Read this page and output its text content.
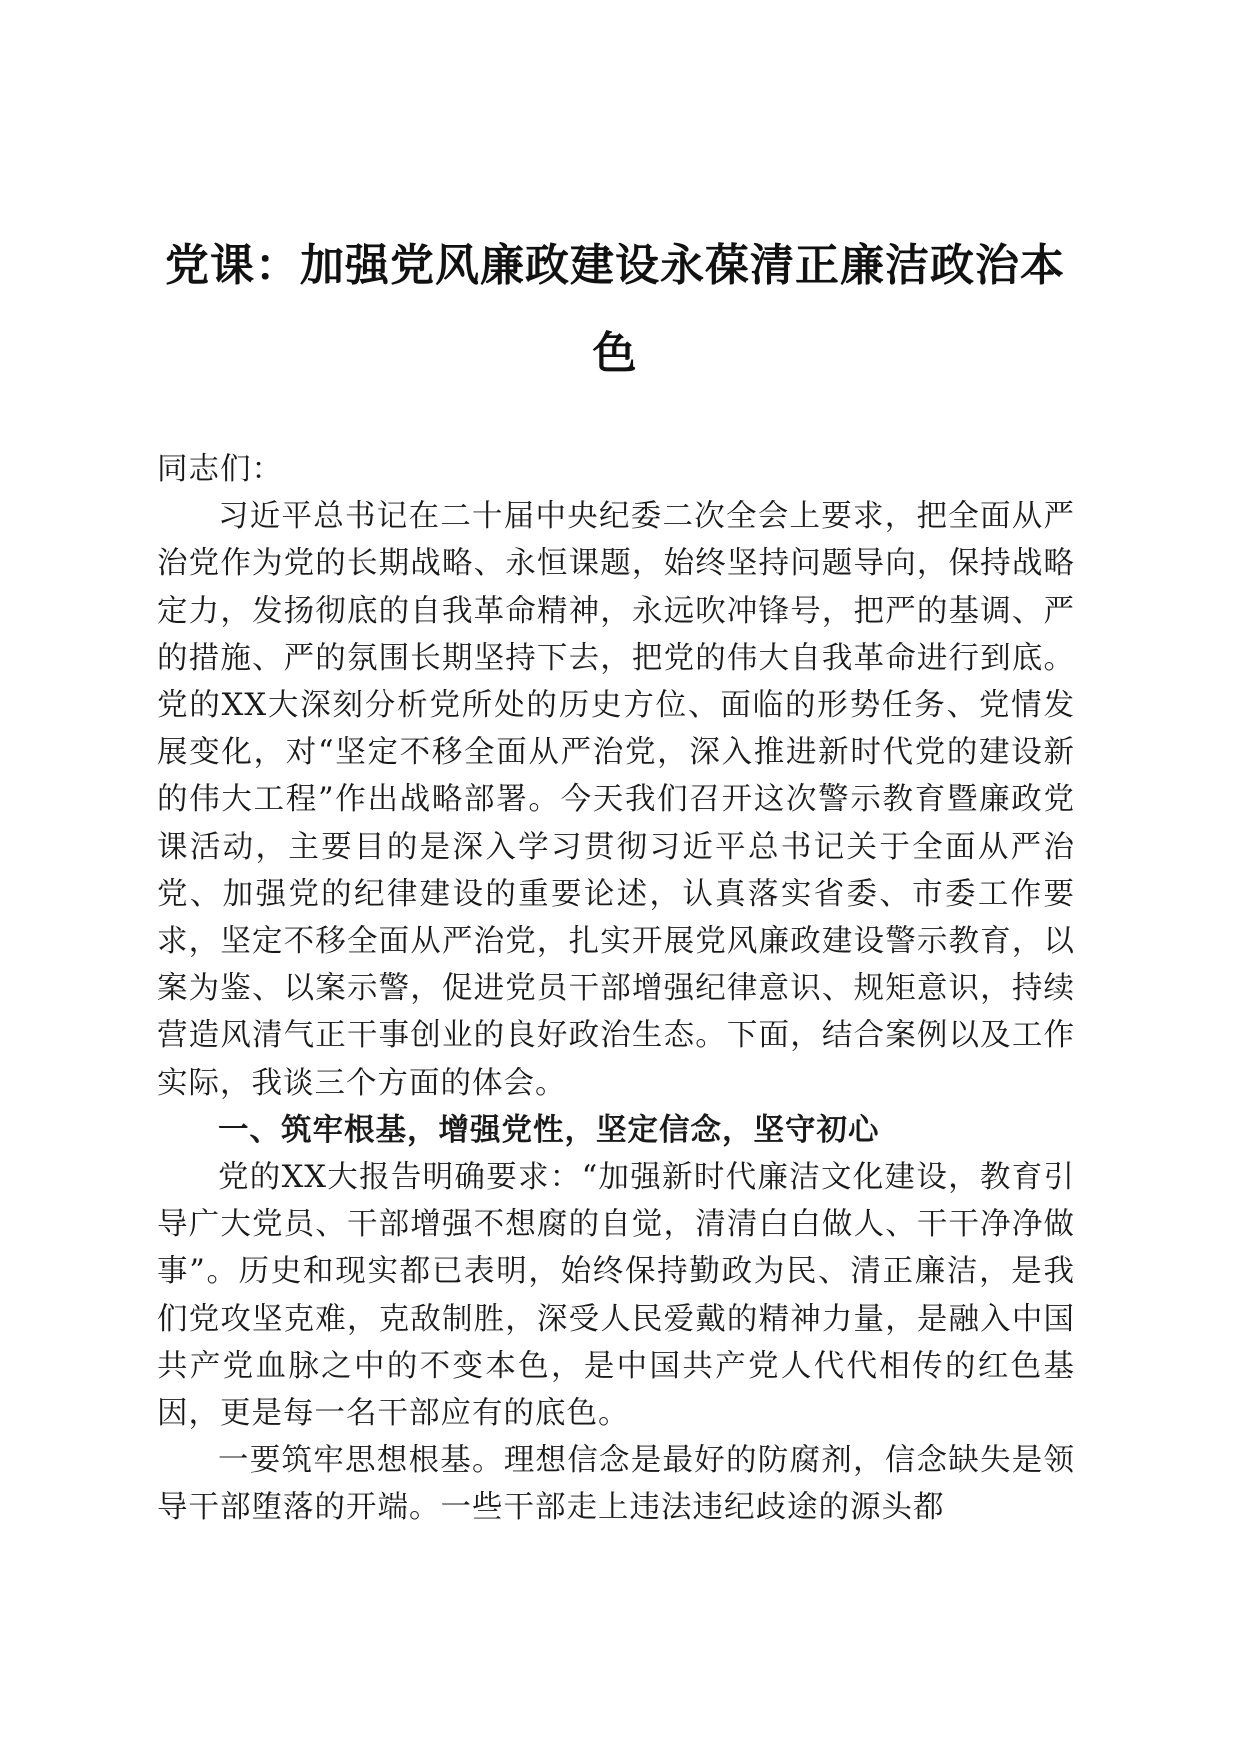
党课：加强党风廉政建设永葆清正廉洁政治本色

同志们：

习近平总书记在二十届中央纪委二次全会上要求，把全面从严治党作为党的长期战略、永恒课题，始终坚持问题导向，保持战略定力，发扬彻底的自我革命精神，永远吹冲锋号，把严的基调、严的措施、严的氛围长期坚持下去，把党的伟大自我革命进行到底。党的XX大深刻分析党所处的历史方位、面临的形势任务、党情发展变化，对“坚定不移全面从严治党，深入推进新时代党的建设新的伟大工程”作出战略部署。今天我们召开这次警示教育暨廉政党课活动，主要目的是深入学习贯彻习近平总书记关于全面从严治党、加强党的纪律建设的重要论述，认真落实省委、市委工作要求，坚定不移全面从严治党，扎实开展党风廉政建设警示教育，以案为鉴、以案示警，促进党员干部增强纪律意识、规矩意识，持续营造风清气正干事创业的良好政治生态。下面，结合案例以及工作实际，我谈三个方面的体会。

一、筑牢根基，增强党性，坚定信念，坚守初心

党的XX大报告明确要求：“加强新时代廉洁文化建设，教育引导广大党员、干部增强不想腐的自觉，清清白白做人、干干净净做事”。历史和现实都已表明，始终保持勤政为民、清正廉洁，是我们党攻坚克难，克敌制胜，深受人民爱戴的精神力量，是融入中国共产党血脉之中的不变本色，是中国共产党人代代相传的红色基因，更是每一名干部应有的底色。

一要筑牢思想根基。理想信念是最好的防腐剂，信念缺失是领导干部堕落的开端。一些干部走上违法违纪歧途的源头都
